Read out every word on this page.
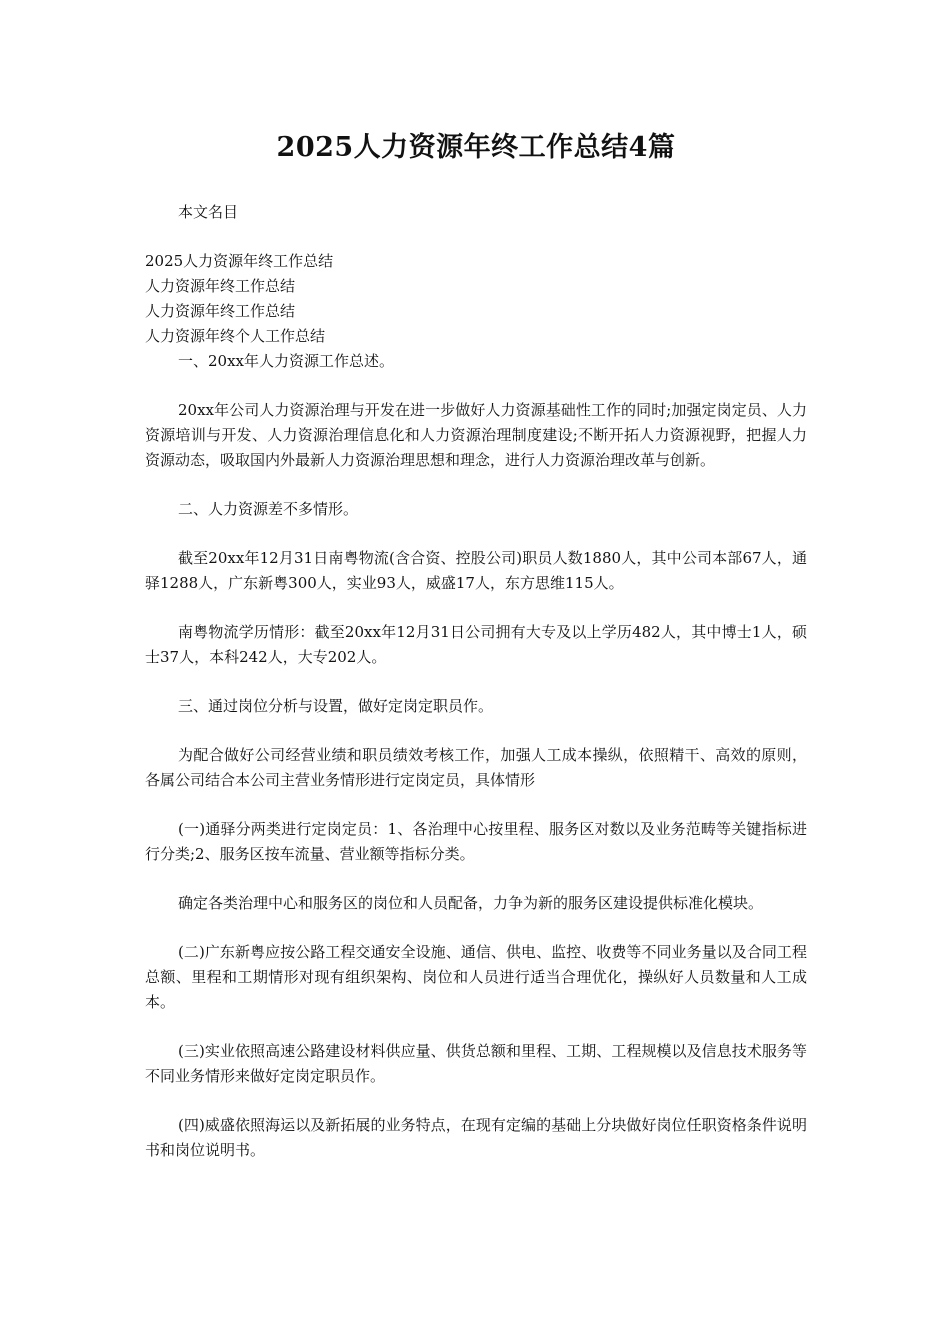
2025人力资源年终工作总结4篇

本文名目

2025人力资源年终工作总结

人力资源年终工作总结

人力资源年终工作总结

人力资源年终个人工作总结

一、20xx年人力资源工作总述。

20xx年公司人力资源治理与开发在进一步做好人力资源基础性工作的同时;加强定岗定员、人力资源培训与开发、人力资源治理信息化和人力资源治理制度建设;不断开拓人力资源视野，把握人力资源动态，吸取国内外最新人力资源治理思想和理念，进行人力资源治理改革与创新。

二、人力资源差不多情形。

截至20xx年12月31日南粤物流(含合资、控股公司)职员人数1880人，其中公司本部67人，通驿1288人，广东新粤300人，实业93人，威盛17人，东方思维115人。

南粤物流学历情形：截至20xx年12月31日公司拥有大专及以上学历482人，其中博士1人，硕士37人，本科242人，大专202人。

三、通过岗位分析与设置，做好定岗定职员作。

为配合做好公司经营业绩和职员绩效考核工作，加强人工成本操纵，依照精干、高效的原则，各属公司结合本公司主营业务情形进行定岗定员，具体情形

(一)通驿分两类进行定岗定员：1、各治理中心按里程、服务区对数以及业务范畴等关键指标进行分类;2、服务区按车流量、营业额等指标分类。

确定各类治理中心和服务区的岗位和人员配备，力争为新的服务区建设提供标准化模块。

(二)广东新粤应按公路工程交通安全设施、通信、供电、监控、收费等不同业务量以及合同工程总额、里程和工期情形对现有组织架构、岗位和人员进行适当合理优化，操纵好人员数量和人工成本。

(三)实业依照高速公路建设材料供应量、供货总额和里程、工期、工程规模以及信息技术服务等不同业务情形来做好定岗定职员作。

(四)威盛依照海运以及新拓展的业务特点，在现有定编的基础上分块做好岗位任职资格条件说明书和岗位说明书。
